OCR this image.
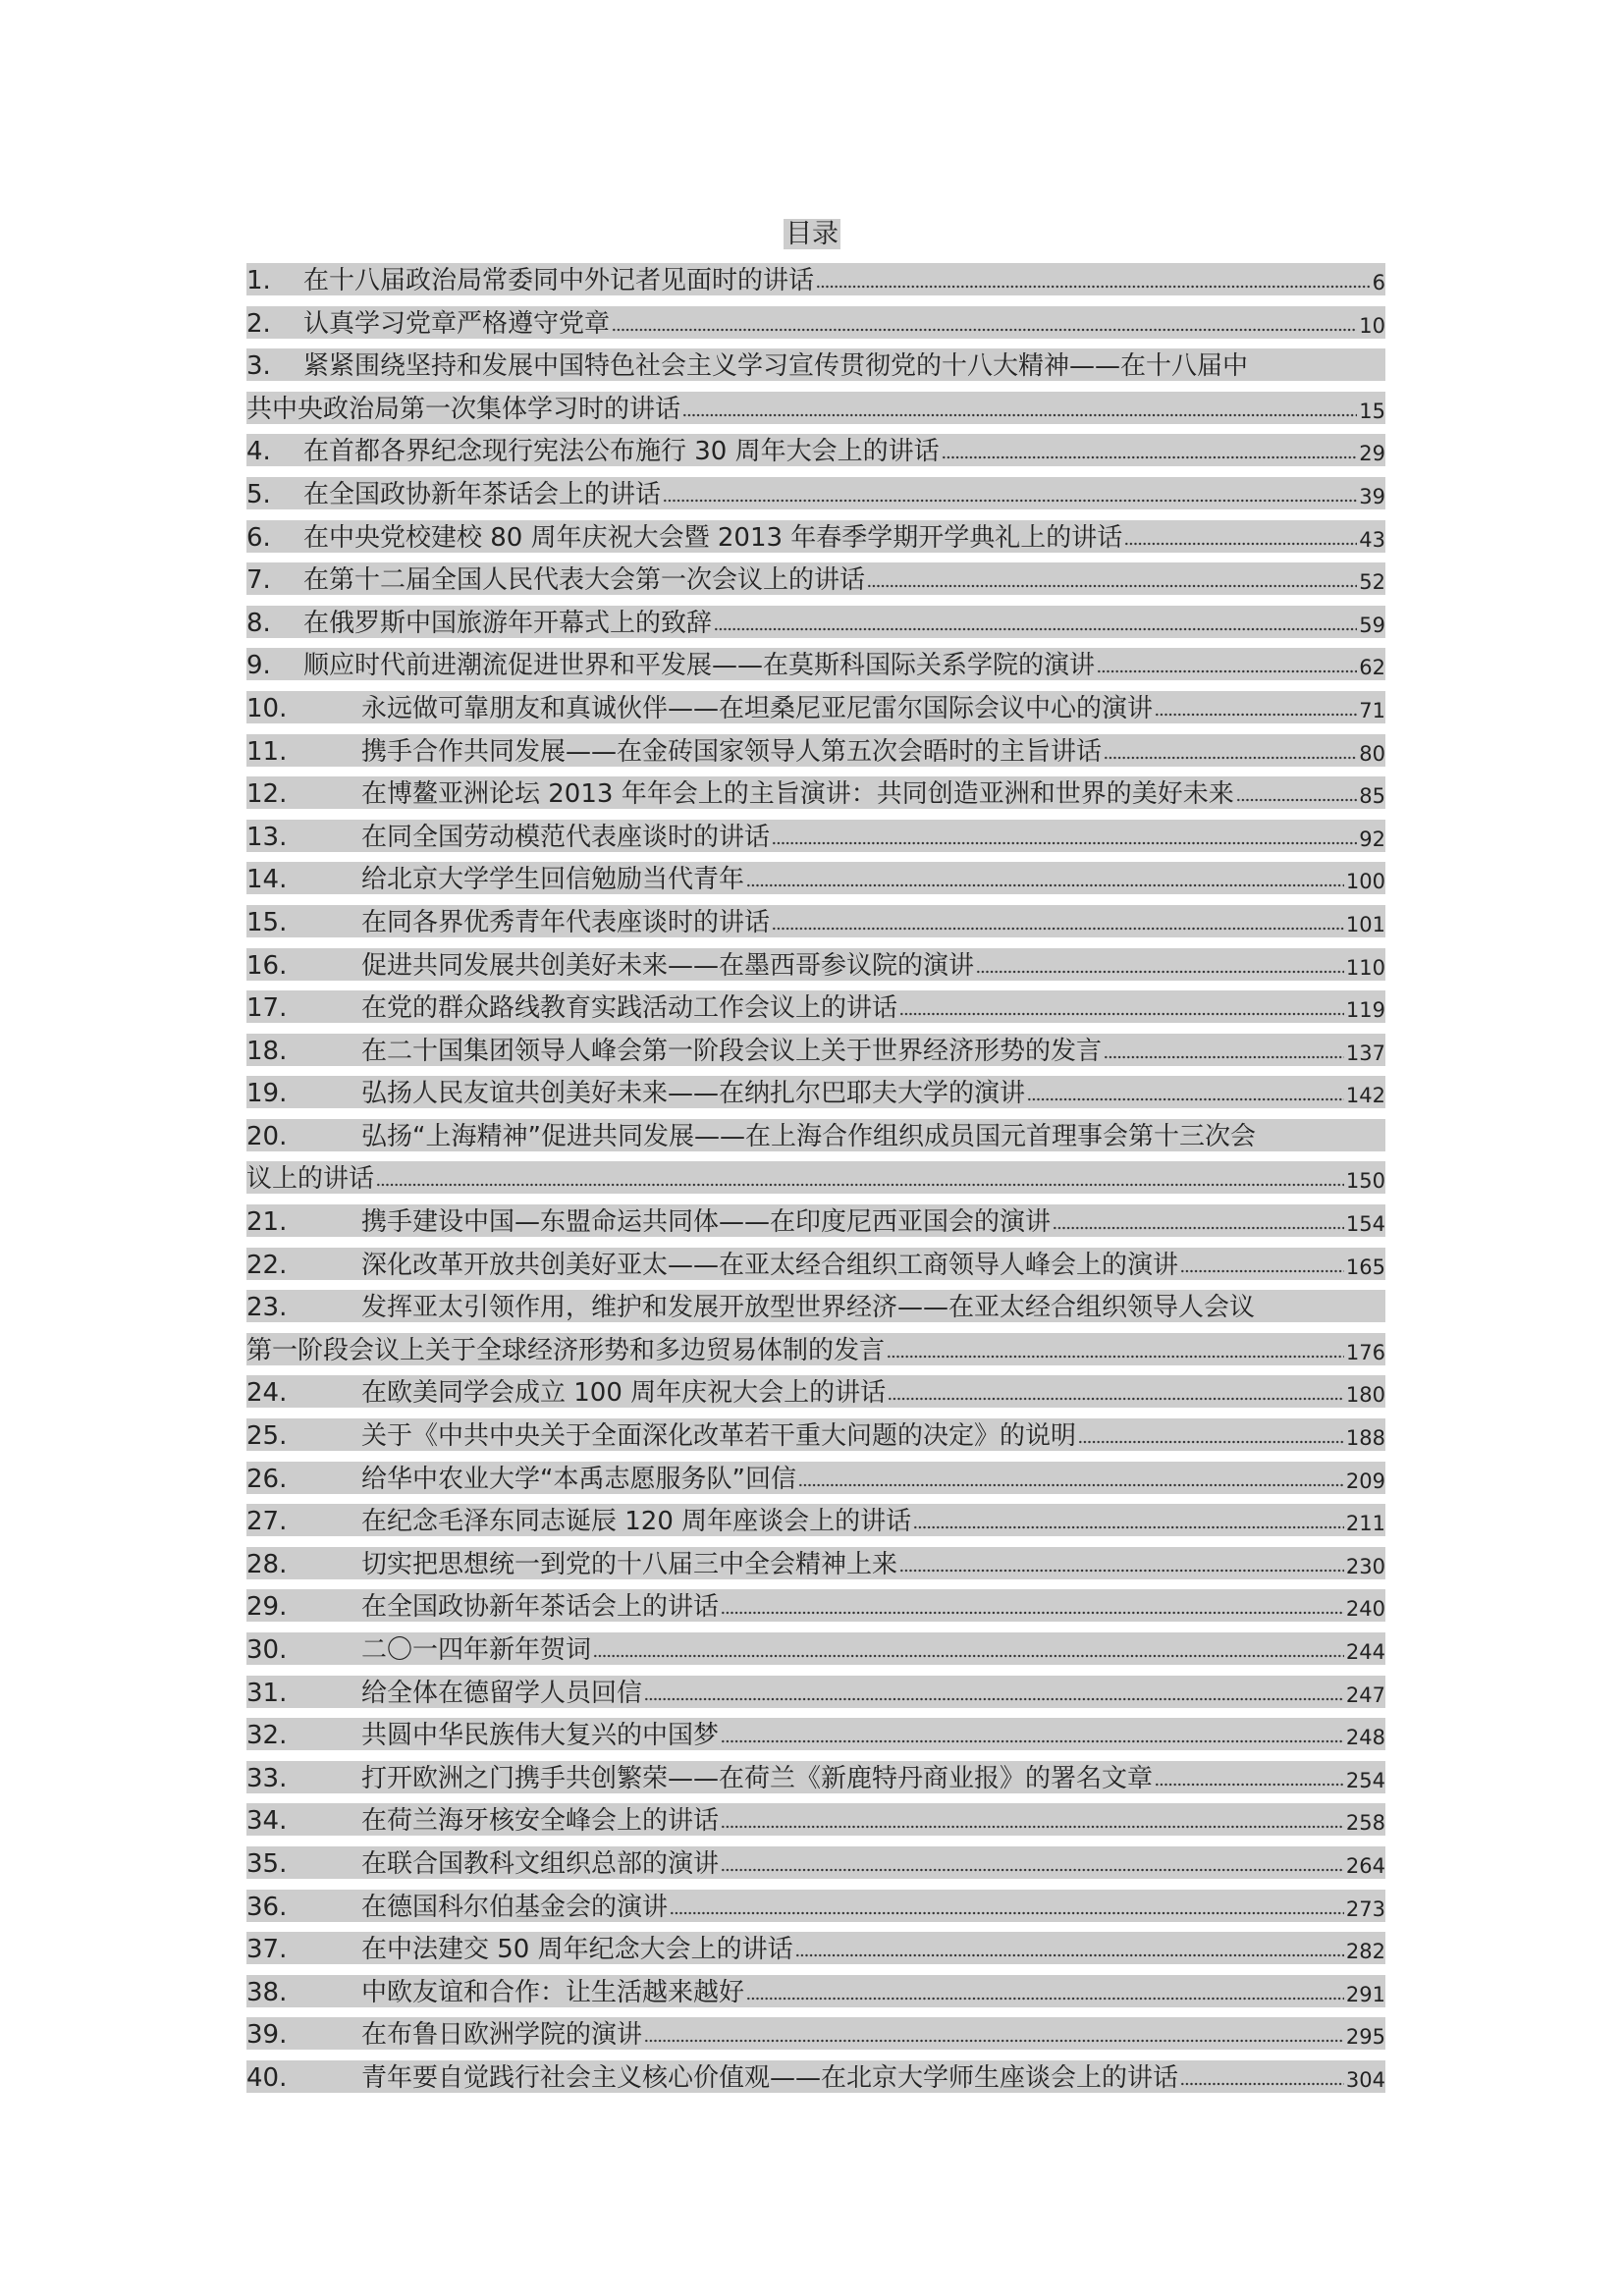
目录
1.	在十八届政治局常委同中外记者见面时的讲话	6
2.	认真学习党章严格遵守党章	10
3.	紧紧围绕坚持和发展中国特色社会主义学习宣传贯彻党的十八大精神——在十八届中
共中央政治局第一次集体学习时的讲话	15
4.	在首都各界纪念现行宪法公布施行 30 周年大会上的讲话	29
5.	在全国政协新年茶话会上的讲话	39
6.	在中央党校建校 80 周年庆祝大会暨 2013 年春季学期开学典礼上的讲话	43
7.	在第十二届全国人民代表大会第一次会议上的讲话	52
8.	在俄罗斯中国旅游年开幕式上的致辞	59
9.	顺应时代前进潮流促进世界和平发展——在莫斯科国际关系学院的演讲	62
10.	永远做可靠朋友和真诚伙伴——在坦桑尼亚尼雷尔国际会议中心的演讲	71
11.	携手合作共同发展——在金砖国家领导人第五次会晤时的主旨讲话	80
12.	在博鳌亚洲论坛 2013 年年会上的主旨演讲：共同创造亚洲和世界的美好未来	85
13.	在同全国劳动模范代表座谈时的讲话	92
14.	给北京大学学生回信勉励当代青年	100
15.	在同各界优秀青年代表座谈时的讲话	101
16.	促进共同发展共创美好未来——在墨西哥参议院的演讲	110
17.	在党的群众路线教育实践活动工作会议上的讲话	119
18.	在二十国集团领导人峰会第一阶段会议上关于世界经济形势的发言	137
19.	弘扬人民友谊共创美好未来——在纳扎尔巴耶夫大学的演讲	142
20.	弘扬“上海精神”促进共同发展——在上海合作组织成员国元首理事会第十三次会
议上的讲话	150
21.	携手建设中国—东盟命运共同体——在印度尼西亚国会的演讲	154
22.	深化改革开放共创美好亚太——在亚太经合组织工商领导人峰会上的演讲	165
23.	发挥亚太引领作用，维护和发展开放型世界经济——在亚太经合组织领导人会议
第一阶段会议上关于全球经济形势和多边贸易体制的发言	176
24.	在欧美同学会成立 100 周年庆祝大会上的讲话	180
25.	关于《中共中央关于全面深化改革若干重大问题的决定》的说明	188
26.	给华中农业大学“本禹志愿服务队”回信	209
27.	在纪念毛泽东同志诞辰 120 周年座谈会上的讲话	211
28.	切实把思想统一到党的十八届三中全会精神上来	230
29.	在全国政协新年茶话会上的讲话	240
30.	二〇一四年新年贺词	244
31.	给全体在德留学人员回信	247
32.	共圆中华民族伟大复兴的中国梦	248
33.	打开欧洲之门携手共创繁荣——在荷兰《新鹿特丹商业报》的署名文章	254
34.	在荷兰海牙核安全峰会上的讲话	258
35.	在联合国教科文组织总部的演讲	264
36.	在德国科尔伯基金会的演讲	273
37.	在中法建交 50 周年纪念大会上的讲话	282
38.	中欧友谊和合作：让生活越来越好	291
39.	在布鲁日欧洲学院的演讲	295
40.	青年要自觉践行社会主义核心价值观——在北京大学师生座谈会上的讲话	304
